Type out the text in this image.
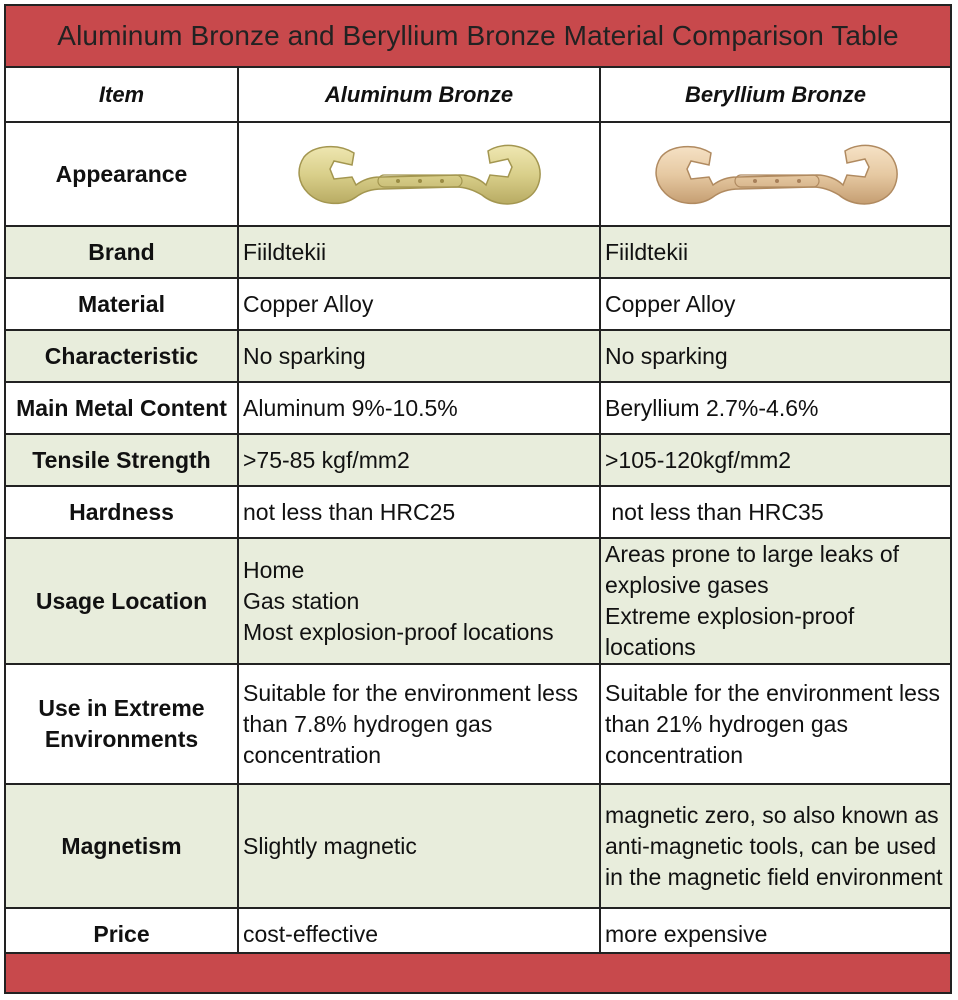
Aluminum Bronze and Beryllium Bronze Material Comparison Table
Item	Aluminum Bronze	Beryllium Bronze
Appearance	

Brand	Fiildtekii	Fiildtekii
Material	Copper Alloy	Copper Alloy
Characteristic	No sparking	No sparking
Main Metal Content	Aluminum 9%-10.5%	Beryllium 2.7%-4.6%
Tensile Strength	>75-85 kgf/mm2	>105-120kgf/mm2
Hardness	not less than HRC25	not less than HRC35
Usage Location	Home
Gas station
Most explosion-proof locations	Areas prone to large leaks of
explosive gases
Extreme explosion-proof
locations
Use in Extreme
Environments	Suitable for the environment less
than 7.8% hydrogen gas
concentration	Suitable for the environment less
than 21% hydrogen gas
concentration
Magnetism	Slightly magnetic	magnetic zero, so also known as
anti-magnetic tools, can be used
in the magnetic field environment
Price	cost-effective	more expensive
